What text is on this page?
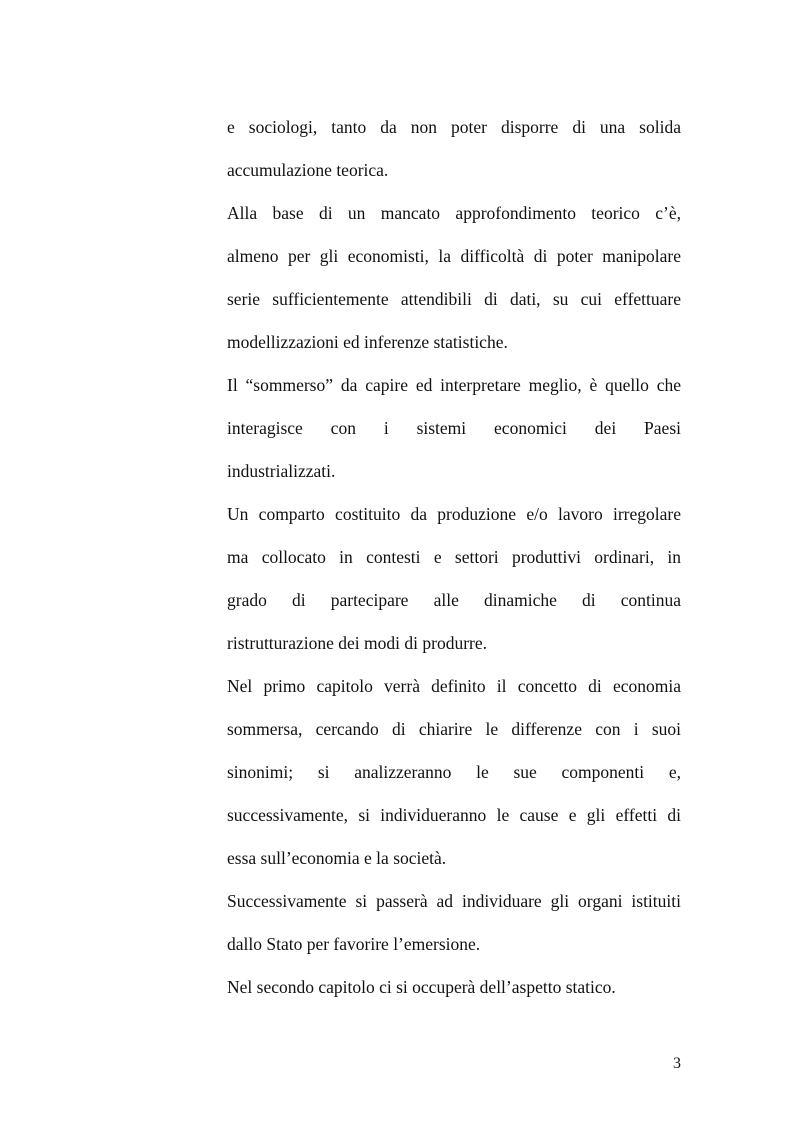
e sociologi, tanto da non poter disporre di una solida
accumulazione teorica.
Alla base di un mancato approfondimento teorico c’è,
almeno per gli economisti, la difficoltà di poter manipolare
serie sufficientemente attendibili di dati, su cui effettuare
modellizzazioni ed inferenze statistiche.
Il “sommerso” da capire ed interpretare meglio, è quello che
interagisce con i sistemi economici dei Paesi
industrializzati.
Un comparto costituito da produzione e/o lavoro irregolare
ma collocato in contesti e settori produttivi ordinari, in
grado di partecipare alle dinamiche di continua
ristrutturazione dei modi di produrre.
Nel primo capitolo verrà definito il concetto di economia
sommersa, cercando di chiarire le differenze con i suoi
sinonimi; si analizzeranno le sue componenti e,
successivamente, si individueranno le cause e gli effetti di
essa sull’economia e la società.
Successivamente si passerà ad individuare gli organi istituiti
dallo Stato per favorire l’emersione.
Nel secondo capitolo ci si occuperà dell’aspetto statico.
3
